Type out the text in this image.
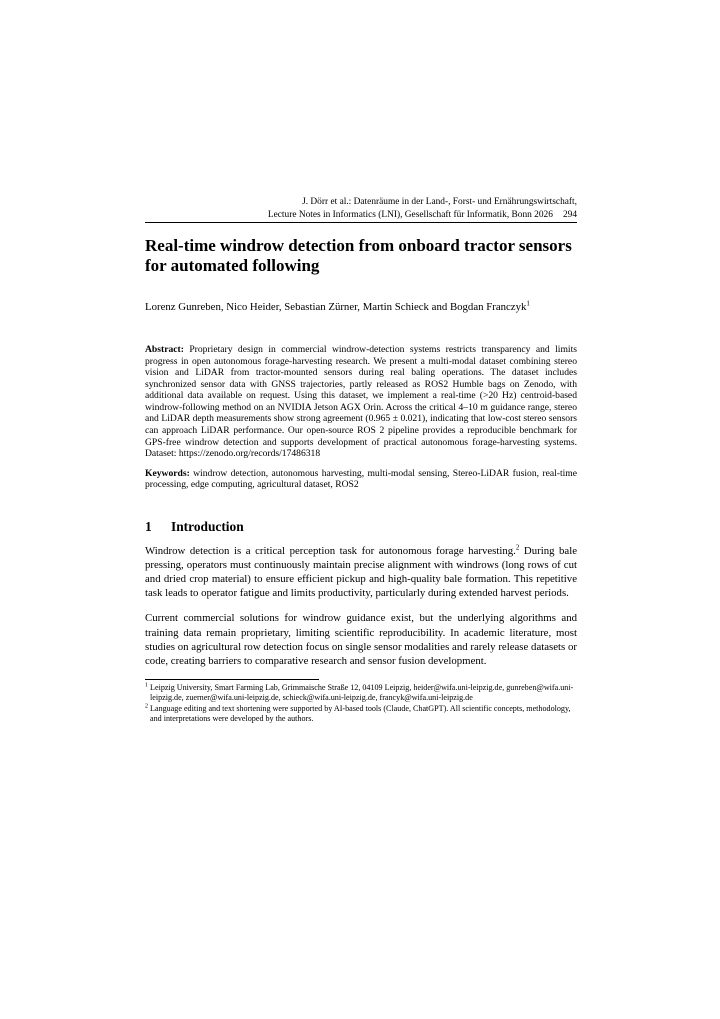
J. Dörr et al.: Datenräume in der Land-, Forst- und Ernährungswirtschaft,
Lecture Notes in Informatics (LNI), Gesellschaft für Informatik, Bonn 2026 294
Real-time windrow detection from onboard tractor sensors for automated following
Lorenz Gunreben, Nico Heider, Sebastian Zürner, Martin Schieck and Bogdan Franczyk$^1$
Abstract: Proprietary design in commercial windrow-detection systems restricts transparency and limits progress in open autonomous forage-harvesting research. We present a multi-modal dataset combining stereo vision and LiDAR from tractor-mounted sensors during real baling operations. The dataset includes synchronized sensor data with GNSS trajectories, partly released as ROS2 Humble bags on Zenodo, with additional data available on request. Using this dataset, we implement a real-time (>20 Hz) centroid-based windrow-following method on an NVIDIA Jetson AGX Orin. Across the critical 4–10 m guidance range, stereo and LiDAR depth measurements show strong agreement (0.965 ± 0.021), indicating that low-cost stereo sensors can approach LiDAR performance. Our open-source ROS 2 pipeline provides a reproducible benchmark for GPS-free windrow detection and supports development of practical autonomous forage-harvesting systems. Dataset: https://zenodo.org/records/17486318
Keywords: windrow detection, autonomous harvesting, multi-modal sensing, Stereo-LiDAR fusion, real-time processing, edge computing, agricultural dataset, ROS2
1 Introduction

Windrow detection is a critical perception task for autonomous forage harvesting.$^2$ During bale pressing, operators must continuously maintain precise alignment with windrows (long rows of cut and dried crop material) to ensure efficient pickup and high-quality bale formation. This repetitive task leads to operator fatigue and limits productivity, particularly during extended harvest periods.

Current commercial solutions for windrow guidance exist, but the underlying algorithms and training data remain proprietary, limiting scientific reproducibility. In academic literature, most studies on agricultural row detection focus on single sensor modalities and rarely release datasets or code, creating barriers to comparative research and sensor fusion development.

$^1$ Leipzig University, Smart Farming Lab, Grimmaische Straße 12, 04109 Leipzig, heider@wifa.uni-leipzig.de, gunreben@wifa.uni-leipzig.de, zuerner@wifa.uni-leipzig.de, schieck@wifa.uni-leipzig.de, francyk@wifa.uni-leipzig.de
$^2$ Language editing and text shortening were supported by AI-based tools (Claude, ChatGPT). All scientific concepts, methodology, and interpretations were developed by the authors.
